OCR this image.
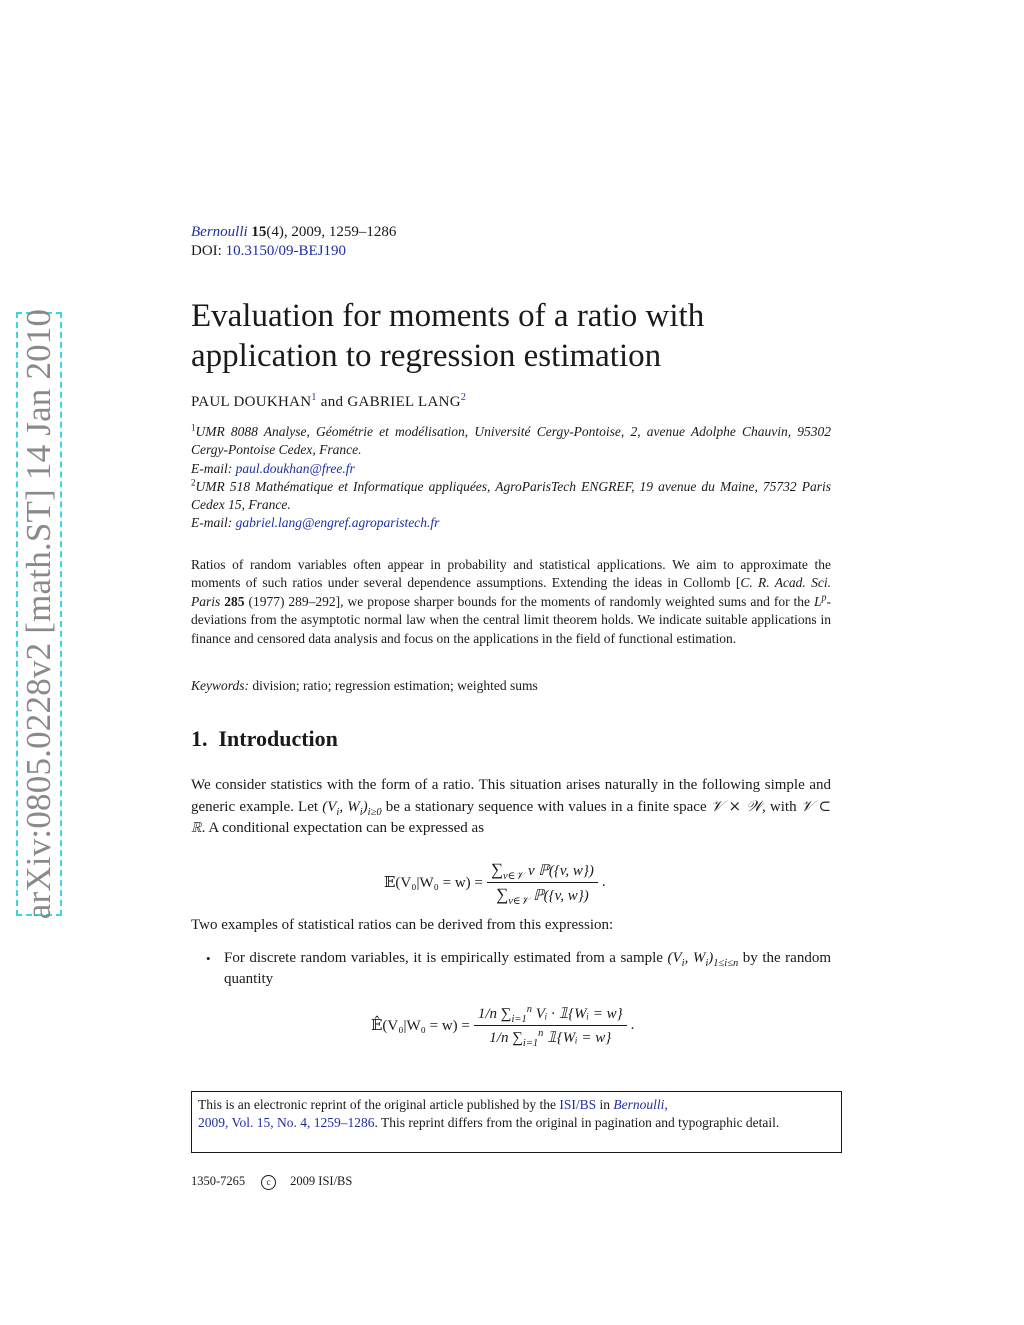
arXiv:0805.0228v2 [math.ST] 14 Jan 2010
Bernoulli 15(4), 2009, 1259–1286
DOI: 10.3150/09-BEJ190
Evaluation for moments of a ratio with application to regression estimation
PAUL DOUKHAN$^1$ and GABRIEL LANG$^2$
$^1$UMR 8088 Analyse, Géométrie et modélisation, Université Cergy-Pontoise, 2, avenue Adolphe Chauvin, 95302 Cergy-Pontoise Cedex, France.
E-mail: paul.doukhan@free.fr
$^2$UMR 518 Mathématique et Informatique appliquées, AgroParisTech ENGREF, 19 avenue du Maine, 75732 Paris Cedex 15, France.
E-mail: gabriel.lang@engref.agroparistech.fr
Ratios of random variables often appear in probability and statistical applications. We aim to approximate the moments of such ratios under several dependence assumptions. Extending the ideas in Collomb [C. R. Acad. Sci. Paris 285 (1977) 289–292], we propose sharper bounds for the moments of randomly weighted sums and for the $L^p$-deviations from the asymptotic normal law when the central limit theorem holds. We indicate suitable applications in finance and censored data analysis and focus on the applications in the field of functional estimation.
Keywords: division; ratio; regression estimation; weighted sums
1. Introduction
We consider statistics with the form of a ratio. This situation arises naturally in the following simple and generic example. Let ($V_i$, $W_i)_{i\ge 0}$ be a stationary sequence with values in a finite space 𝒱 × 𝒲, with 𝒱 ⊂ ℝ. A conditional expectation can be expressed as
𝔼(V₀|W₀ = $w) = \frac{\sum_{v\in 𝒱} v ℙ(\{v, w\})}{\sum_{v\in 𝒱} ℙ(\{v, w\})}$ .
Two examples of statistical ratios can be derived from this expression:
• For discrete random variables, it is empirically estimated from a sample ($V_i$, $W_i)_{1\le i\le n}$ by the random quantity
𝔼̂(V₀|W₀ = $w) = \frac{1/n \sum_{i=1}^n Vᵢ \cdot 𝟙\{Wᵢ = w\}}{1/n \sum_{i=1}^n 𝟙\{Wᵢ = w\}}$ .
This is an electronic reprint of the original article published by the ISI/BS in Bernoulli,
2009, Vol. 15, No. 4, 1259–1286. This reprint differs from the original in pagination and typographic detail.
1350-7265 c 2009 ISI/BS
